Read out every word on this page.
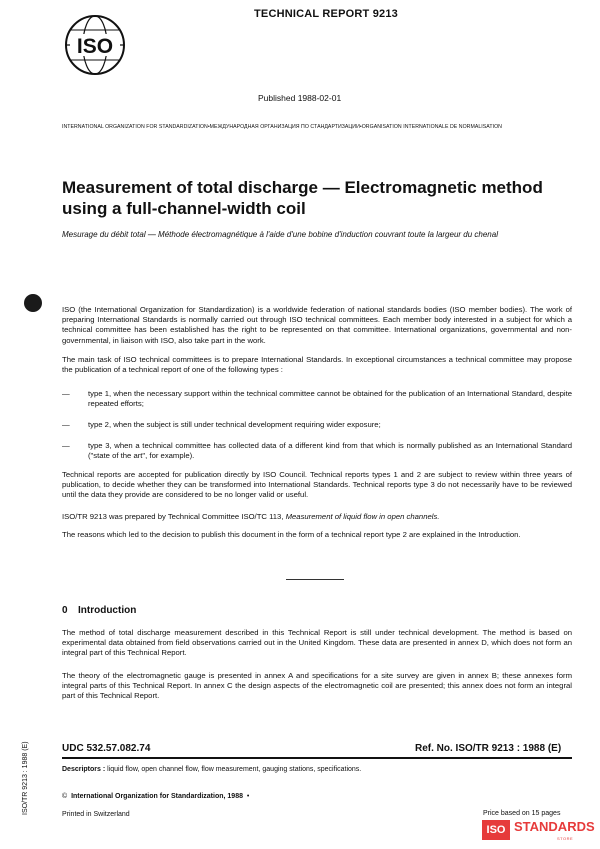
ISO
TECHNICAL REPORT 9213
Published 1988-02-01
INTERNATIONAL ORGANIZATION FOR STANDARDIZATION•МЕЖДУНАРОДНАЯ ОРГАНИЗАЦИЯ ПО СТАНДАРТИЗАЦИИ•ORGANISATION INTERNATIONALE DE NORMALISATION
Measurement of total discharge — Electromagnetic method using a full-channel-width coil
Mesurage du débit total — Méthode électromagnétique à l'aide d'une bobine d'induction couvrant toute la largeur du chenal
ISO (the International Organization for Standardization) is a worldwide federation of national standards bodies (ISO member bodies). The work of preparing International Standards is normally carried out through ISO technical committees. Each member body interested in a subject for which a technical committee has been established has the right to be represented on that committee. International organizations, governmental and non-governmental, in liaison with ISO, also take part in the work.
The main task of ISO technical committees is to prepare International Standards. In exceptional circumstances a technical committee may propose the publication of a technical report of one of the following types :
— type 1, when the necessary support within the technical committee cannot be obtained for the publication of an International Standard, despite repeated efforts;
— type 2, when the subject is still under technical development requiring wider exposure;
— type 3, when a technical committee has collected data of a different kind from that which is normally published as an International Standard ("state of the art", for example).
Technical reports are accepted for publication directly by ISO Council. Technical reports types 1 and 2 are subject to review within three years of publication, to decide whether they can be transformed into International Standards. Technical reports type 3 do not necessarily have to be reviewed until the data they provide are considered to be no longer valid or useful.
ISO/TR 9213 was prepared by Technical Committee ISO/TC 113, Measurement of liquid flow in open channels.
The reasons which led to the decision to publish this document in the form of a technical report type 2 are explained in the Introduction.
0 Introduction
The method of total discharge measurement described in this Technical Report is still under technical development. The method is based on experimental data obtained from field observations carried out in the United Kingdom. These data are presented in annex D, which does not form an integral part of this Technical Report.
The theory of the electromagnetic gauge is presented in annex A and specifications for a site survey are given in annex B; these annexes form integral parts of this Technical Report. In annex C the design aspects of the electromagnetic coil are presented; this annex does not form an integral part of this Technical Report.
ISO/TR 9213 : 1988 (E)	UDC 532.57.082.74	Ref. No. ISO/TR 9213 : 1988 (E)
Descriptors : liquid flow, open channel flow, flow measurement, gauging stations, specifications.
© International Organization for Standardization, 1988 •
Printed in Switzerland	Price based on 15 pages
ISO STANDARDS
STORE
